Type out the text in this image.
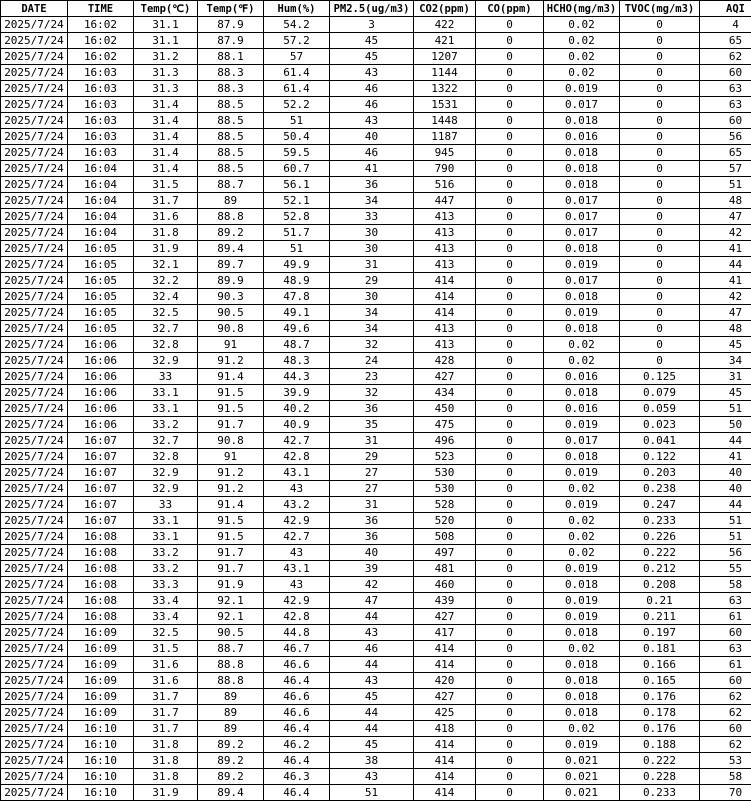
DATE	TIME	Temp(℃)	Temp(℉)	Hum(%)	PM2.5(ug/m3)	CO2(ppm)	CO(ppm)	HCHO(mg/m3)	TVOC(mg/m3)	AQI
2025/7/24	16:02	31.1	87.9	54.2	3	422	0	0.02	0	4
2025/7/24	16:02	31.1	87.9	57.2	45	421	0	0.02	0	65
2025/7/24	16:02	31.2	88.1	57	45	1207	0	0.02	0	62
2025/7/24	16:03	31.3	88.3	61.4	43	1144	0	0.02	0	60
2025/7/24	16:03	31.3	88.3	61.4	46	1322	0	0.019	0	63
2025/7/24	16:03	31.4	88.5	52.2	46	1531	0	0.017	0	63
2025/7/24	16:03	31.4	88.5	51	43	1448	0	0.018	0	60
2025/7/24	16:03	31.4	88.5	50.4	40	1187	0	0.016	0	56
2025/7/24	16:03	31.4	88.5	59.5	46	945	0	0.018	0	65
2025/7/24	16:04	31.4	88.5	60.7	41	790	0	0.018	0	57
2025/7/24	16:04	31.5	88.7	56.1	36	516	0	0.018	0	51
2025/7/24	16:04	31.7	89	52.1	34	447	0	0.017	0	48
2025/7/24	16:04	31.6	88.8	52.8	33	413	0	0.017	0	47
2025/7/24	16:04	31.8	89.2	51.7	30	413	0	0.017	0	42
2025/7/24	16:05	31.9	89.4	51	30	413	0	0.018	0	41
2025/7/24	16:05	32.1	89.7	49.9	31	413	0	0.019	0	44
2025/7/24	16:05	32.2	89.9	48.9	29	414	0	0.017	0	41
2025/7/24	16:05	32.4	90.3	47.8	30	414	0	0.018	0	42
2025/7/24	16:05	32.5	90.5	49.1	34	414	0	0.019	0	47
2025/7/24	16:05	32.7	90.8	49.6	34	413	0	0.018	0	48
2025/7/24	16:06	32.8	91	48.7	32	413	0	0.02	0	45
2025/7/24	16:06	32.9	91.2	48.3	24	428	0	0.02	0	34
2025/7/24	16:06	33	91.4	44.3	23	427	0	0.016	0.125	31
2025/7/24	16:06	33.1	91.5	39.9	32	434	0	0.018	0.079	45
2025/7/24	16:06	33.1	91.5	40.2	36	450	0	0.016	0.059	51
2025/7/24	16:06	33.2	91.7	40.9	35	475	0	0.019	0.023	50
2025/7/24	16:07	32.7	90.8	42.7	31	496	0	0.017	0.041	44
2025/7/24	16:07	32.8	91	42.8	29	523	0	0.018	0.122	41
2025/7/24	16:07	32.9	91.2	43.1	27	530	0	0.019	0.203	40
2025/7/24	16:07	32.9	91.2	43	27	530	0	0.02	0.238	40
2025/7/24	16:07	33	91.4	43.2	31	528	0	0.019	0.247	44
2025/7/24	16:07	33.1	91.5	42.9	36	520	0	0.02	0.233	51
2025/7/24	16:08	33.1	91.5	42.7	36	508	0	0.02	0.226	51
2025/7/24	16:08	33.2	91.7	43	40	497	0	0.02	0.222	56
2025/7/24	16:08	33.2	91.7	43.1	39	481	0	0.019	0.212	55
2025/7/24	16:08	33.3	91.9	43	42	460	0	0.018	0.208	58
2025/7/24	16:08	33.4	92.1	42.9	47	439	0	0.019	0.21	63
2025/7/24	16:08	33.4	92.1	42.8	44	427	0	0.019	0.211	61
2025/7/24	16:09	32.5	90.5	44.8	43	417	0	0.018	0.197	60
2025/7/24	16:09	31.5	88.7	46.7	46	414	0	0.02	0.181	63
2025/7/24	16:09	31.6	88.8	46.6	44	414	0	0.018	0.166	61
2025/7/24	16:09	31.6	88.8	46.4	43	420	0	0.018	0.165	60
2025/7/24	16:09	31.7	89	46.6	45	427	0	0.018	0.176	62
2025/7/24	16:09	31.7	89	46.6	44	425	0	0.018	0.178	62
2025/7/24	16:10	31.7	89	46.4	44	418	0	0.02	0.176	60
2025/7/24	16:10	31.8	89.2	46.2	45	414	0	0.019	0.188	62
2025/7/24	16:10	31.8	89.2	46.4	38	414	0	0.021	0.222	53
2025/7/24	16:10	31.8	89.2	46.3	43	414	0	0.021	0.228	58
2025/7/24	16:10	31.9	89.4	46.4	51	414	0	0.021	0.233	70
